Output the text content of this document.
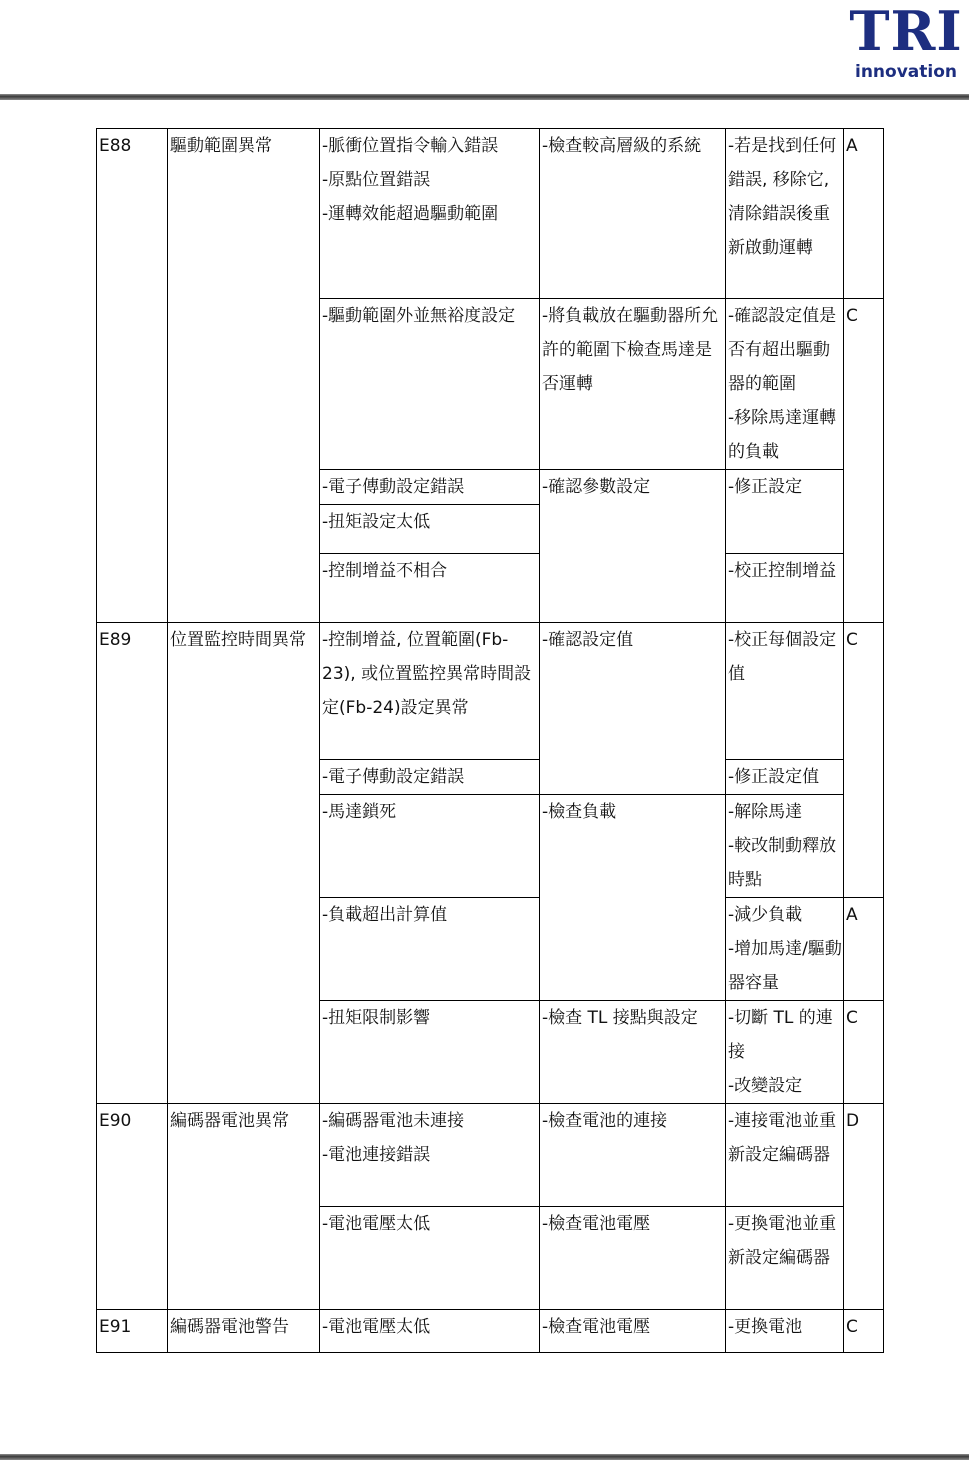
TRI
innovation
E88	驅動範圍異常	-脈衝位置指令輸入錯誤
-原點位置錯誤
-運轉效能超過驅動範圍	-檢查較高層級的系統	-若是找到任何錯誤, 移除它, 清除錯誤後重新啟動運轉	A
		-驅動範圍外並無裕度設定	-將負載放在驅動器所允許的範圍下檢查馬達是否運轉	-確認設定值是否有超出驅動器的範圍
-移除馬達運轉的負載	C
		-電子傳動設定錯誤	-確認參數設定	-修正設定	
		-扭矩設定太低			
		-控制增益不相合		-校正控制增益	
E89	位置監控時間異常	-控制增益, 位置範圍(Fb-23), 或位置監控異常時間設定(Fb-24)設定異常	-確認設定值	-校正每個設定值	C
		-電子傳動設定錯誤		-修正設定值	
		-馬達鎖死	-檢查負載	-解除馬達
-較改制動釋放時點	
		-負載超出計算值		-減少負載
-增加馬達/驅動器容量	A
		-扭矩限制影響	-檢查 TL 接點與設定	-切斷 TL 的連接
-改變設定	C
E90	編碼器電池異常	-編碼器電池未連接
-電池連接錯誤	-檢查電池的連接	-連接電池並重新設定編碼器	D
		-電池電壓太低	-檢查電池電壓	-更換電池並重新設定編碼器	
E91	編碼器電池警告	-電池電壓太低	-檢查電池電壓	-更換電池	C
